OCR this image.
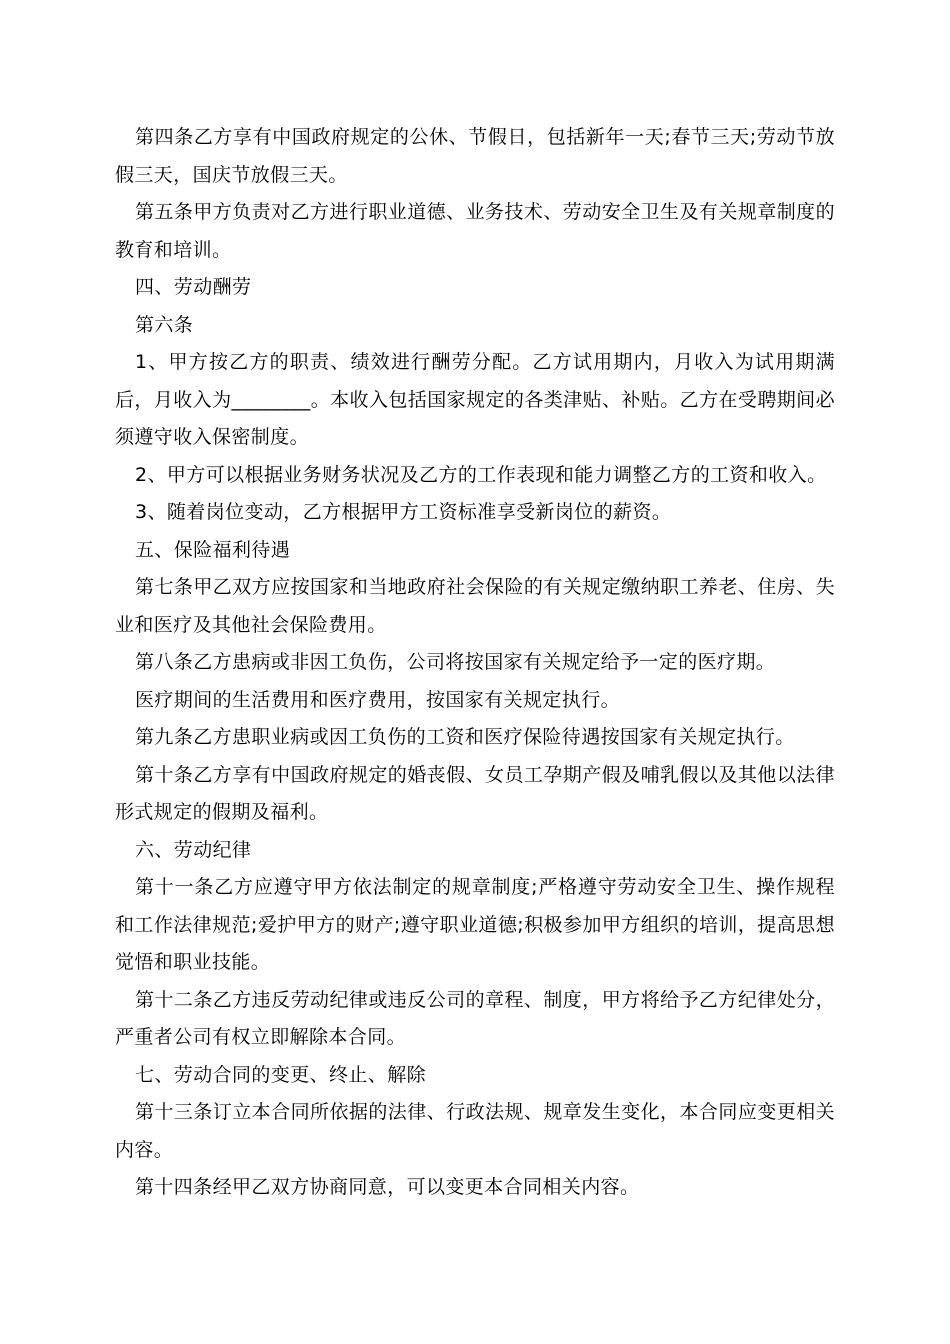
第四条乙方享有中国政府规定的公休、节假日，包括新年一天;春节三天;劳动节放假三天，国庆节放假三天。

第五条甲方负责对乙方进行职业道德、业务技术、劳动安全卫生及有关规章制度的教育和培训。

四、劳动酬劳

第六条

1、甲方按乙方的职责、绩效进行酬劳分配。乙方试用期内，月收入为试用期满后，月收入为________。本收入包括国家规定的各类津贴、补贴。乙方在受聘期间必须遵守收入保密制度。

2、甲方可以根据业务财务状况及乙方的工作表现和能力调整乙方的工资和收入。

3、随着岗位变动，乙方根据甲方工资标准享受新岗位的薪资。

五、保险福利待遇

第七条甲乙双方应按国家和当地政府社会保险的有关规定缴纳职工养老、住房、失业和医疗及其他社会保险费用。

第八条乙方患病或非因工负伤，公司将按国家有关规定给予一定的医疗期。

医疗期间的生活费用和医疗费用，按国家有关规定执行。

第九条乙方患职业病或因工负伤的工资和医疗保险待遇按国家有关规定执行。

第十条乙方享有中国政府规定的婚丧假、女员工孕期产假及哺乳假以及其他以法律形式规定的假期及福利。

六、劳动纪律

第十一条乙方应遵守甲方依法制定的规章制度;严格遵守劳动安全卫生、操作规程和工作法律规范;爱护甲方的财产;遵守职业道德;积极参加甲方组织的培训，提高思想觉悟和职业技能。

第十二条乙方违反劳动纪律或违反公司的章程、制度，甲方将给予乙方纪律处分，严重者公司有权立即解除本合同。

七、劳动合同的变更、终止、解除

第十三条订立本合同所依据的法律、行政法规、规章发生变化，本合同应变更相关内容。

第十四条经甲乙双方协商同意，可以变更本合同相关内容。
